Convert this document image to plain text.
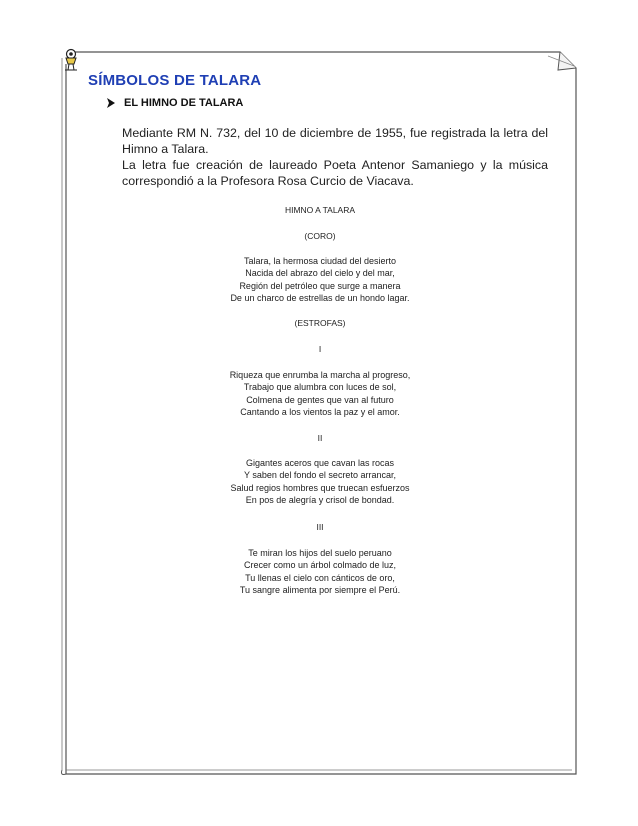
SÍMBOLOS DE TALARA
EL HIMNO DE TALARA

Mediante RM N. 732, del 10 de diciembre de 1955, fue registrada la letra del Himno a Talara.

La letra fue creación de laureado Poeta Antenor Samaniego y la música correspondió a la Profesora Rosa Curcio de Viacava.

HIMNO A TALARA
(CORO)
Talara, la hermosa ciudad del desierto
Nacida del abrazo del cielo y del mar,
Región del petróleo que surge a manera
De un charco de estrellas de un hondo lagar.
(ESTROFAS)
I
Riqueza que enrumba la marcha al progreso,
Trabajo que alumbra con luces de sol,
Colmena de gentes que van al futuro
Cantando a los vientos la paz y el amor.
II
Gigantes aceros que cavan las rocas
Y saben del fondo el secreto arrancar,
Salud regios hombres que truecan esfuerzos
En pos de alegría y crisol de bondad.
III
Te miran los hijos del suelo peruano
Crecer como un árbol colmado de luz,
Tu llenas el cielo con cánticos de oro,
Tu sangre alimenta por siempre el Perú.
